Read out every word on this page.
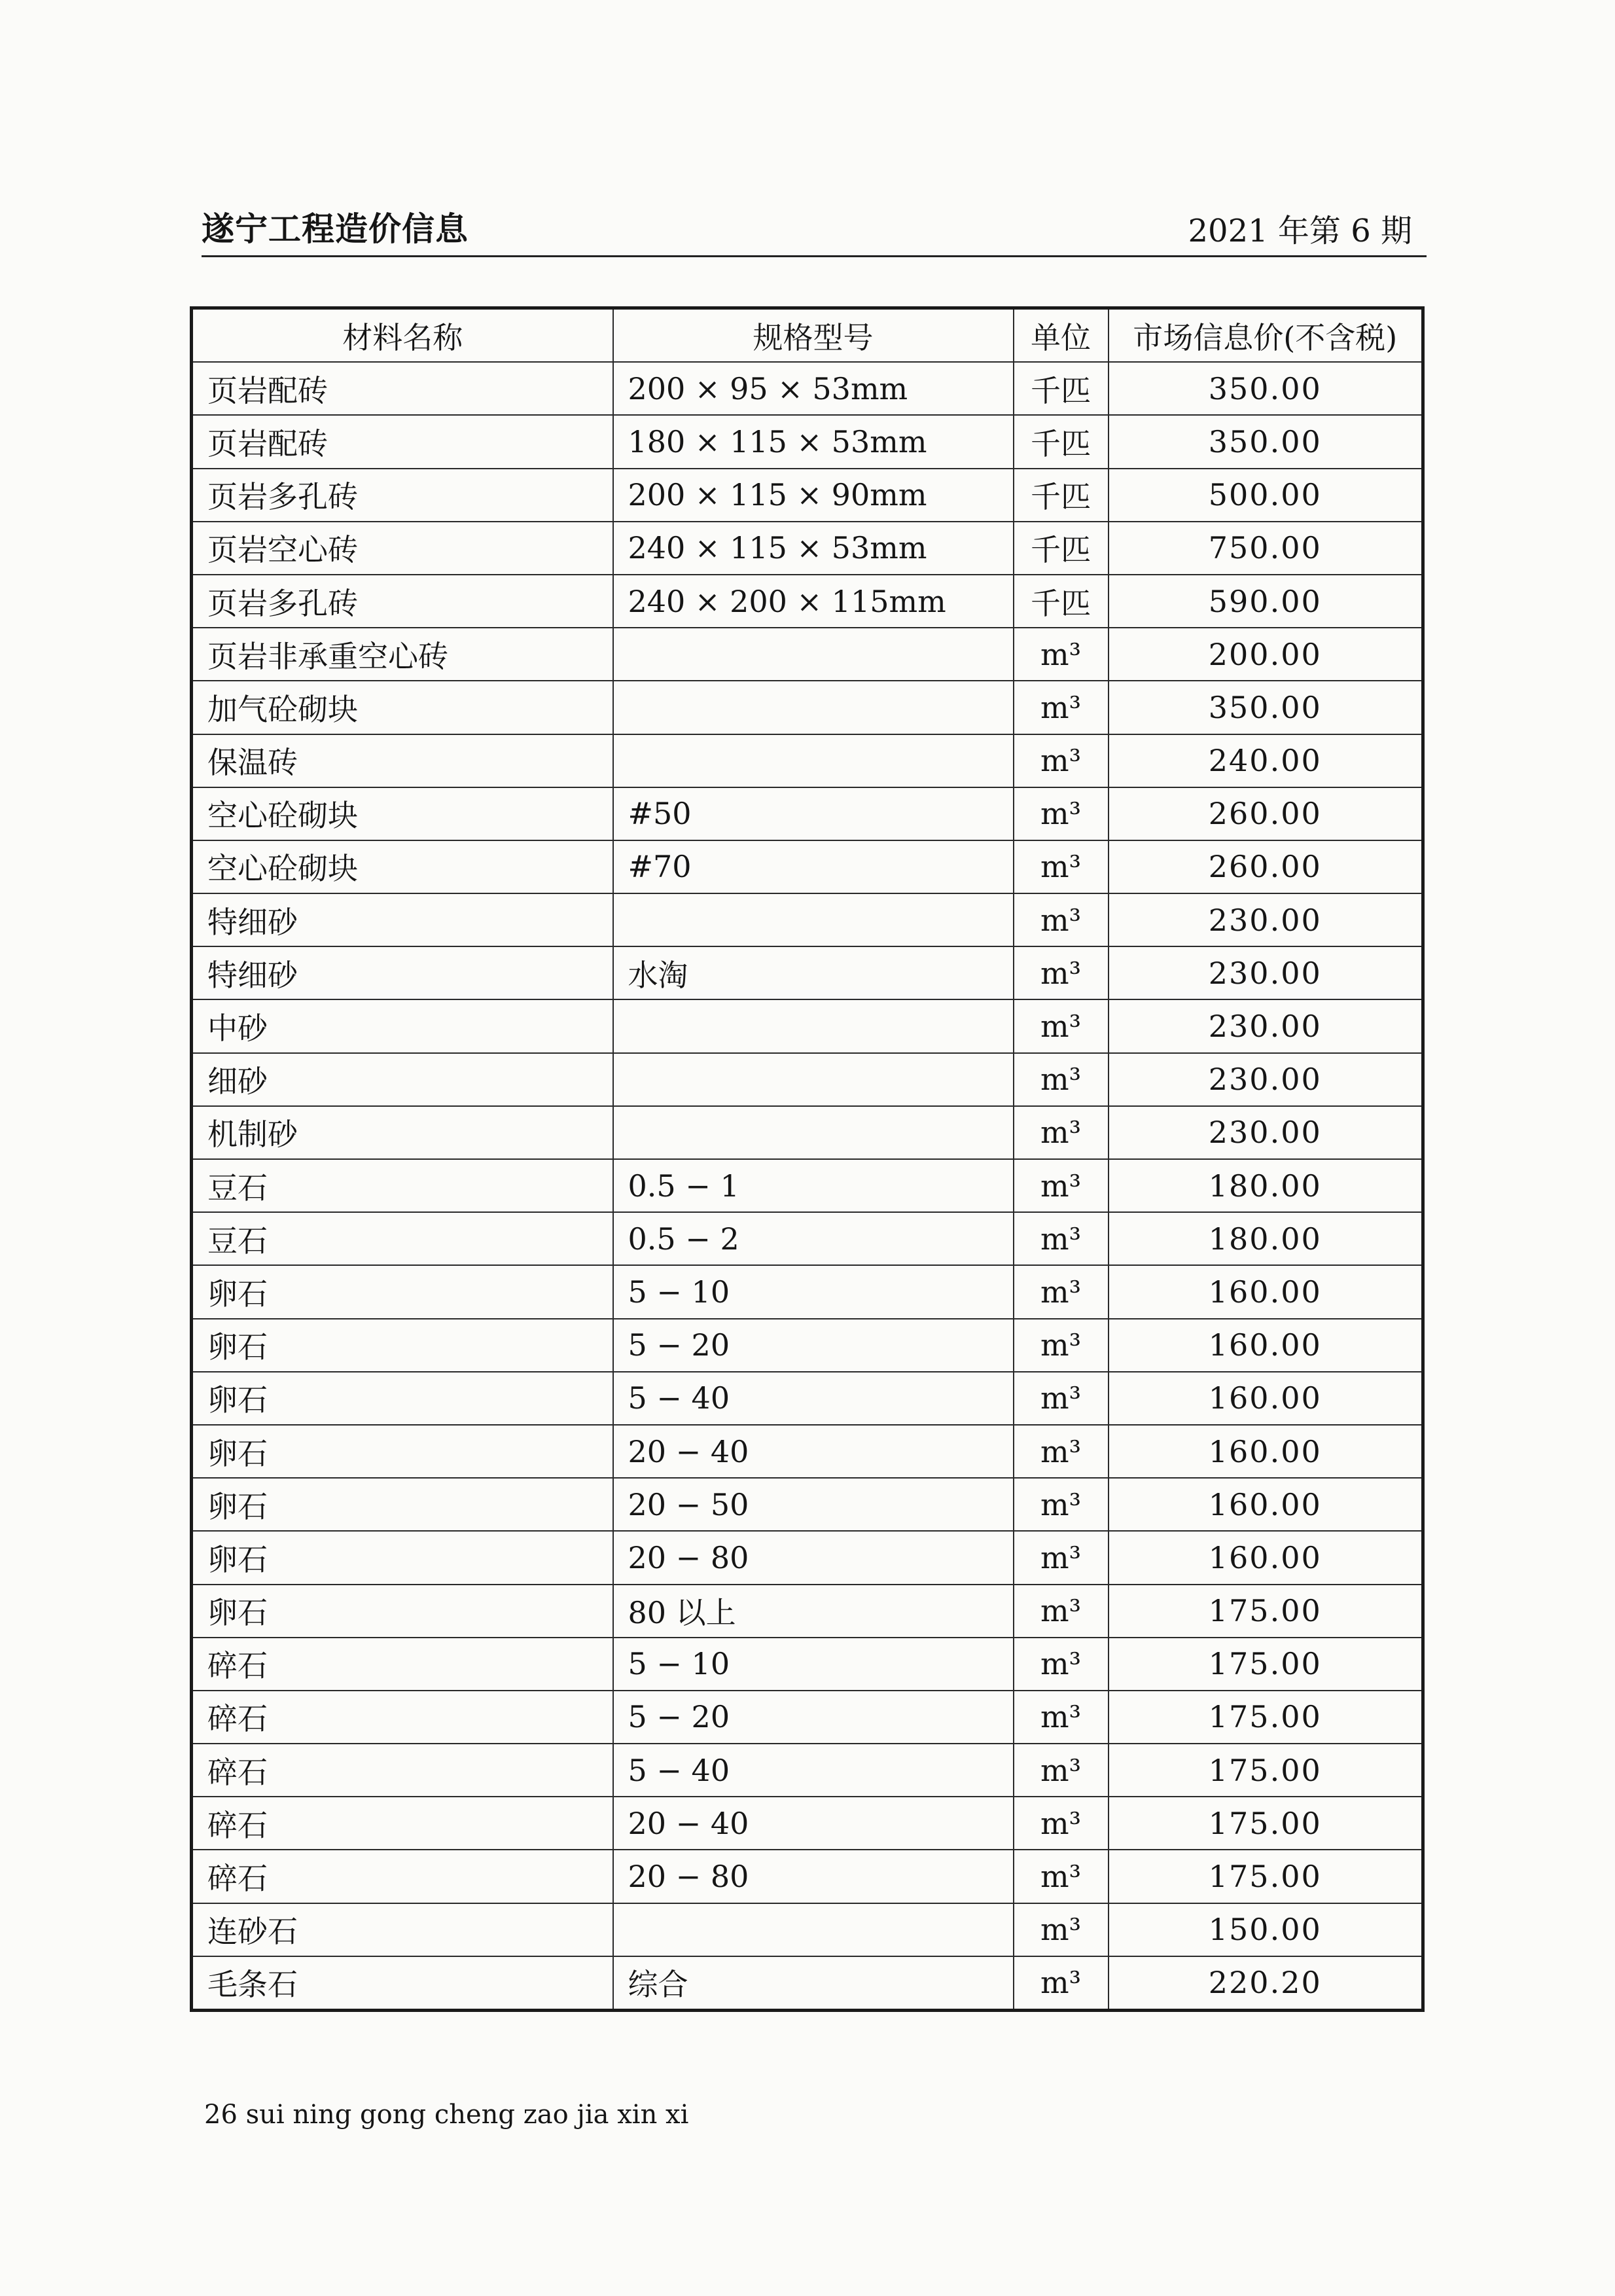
遂宁工程造价信息	2021 年第 6 期
材料名称	规格型号	单位	市场信息价(不含税)
页岩配砖	200 × 95 × 53mm	千匹	350.00
页岩配砖	180 × 115 × 53mm	千匹	350.00
页岩多孔砖	200 × 115 × 90mm	千匹	500.00
页岩空心砖	240 × 115 × 53mm	千匹	750.00
页岩多孔砖	240 × 200 × 115mm	千匹	590.00
页岩非承重空心砖		m³	200.00
加气砼砌块		m³	350.00
保温砖		m³	240.00
空心砼砌块	#50	m³	260.00
空心砼砌块	#70	m³	260.00
特细砂		m³	230.00
特细砂	水淘	m³	230.00
中砂		m³	230.00
细砂		m³	230.00
机制砂		m³	230.00
豆石	0.5 − 1	m³	180.00
豆石	0.5 − 2	m³	180.00
卵石	5 − 10	m³	160.00
卵石	5 − 20	m³	160.00
卵石	5 − 40	m³	160.00
卵石	20 − 40	m³	160.00
卵石	20 − 50	m³	160.00
卵石	20 − 80	m³	160.00
卵石	80 以上	m³	175.00
碎石	5 − 10	m³	175.00
碎石	5 − 20	m³	175.00
碎石	5 − 40	m³	175.00
碎石	20 − 40	m³	175.00
碎石	20 − 80	m³	175.00
连砂石		m³	150.00
毛条石	综合	m³	220.20
26 sui ning gong cheng zao jia xin xi
